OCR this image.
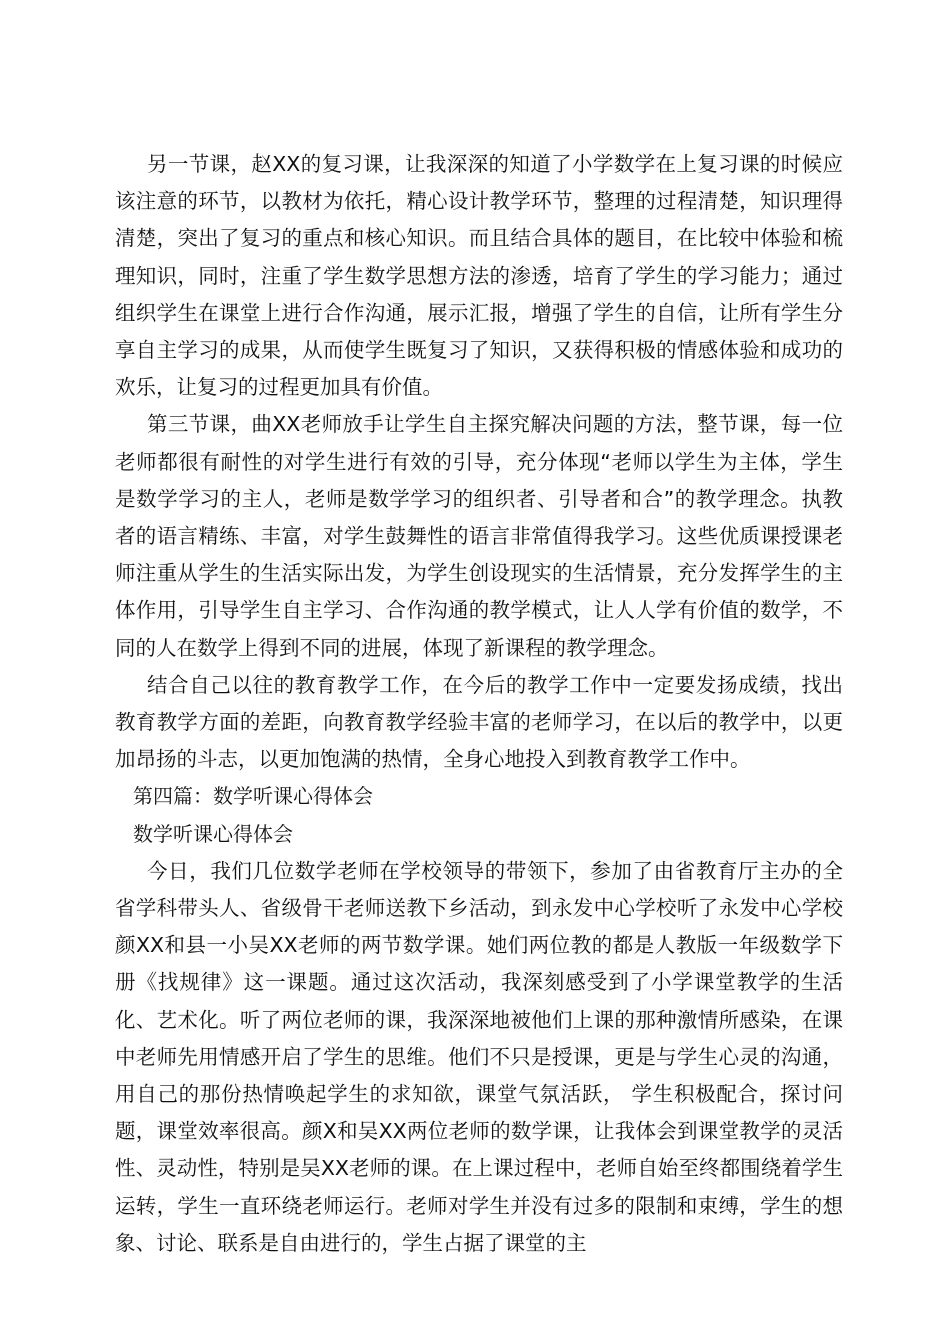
另一节课，赵XX的复习课，让我深深的知道了小学数学在上复习课的时候应该注意的环节，以教材为依托，精心设计教学环节，整理的过程清楚，知识理得清楚，突出了复习的重点和核心知识。而且结合具体的题目，在比较中体验和梳理知识，同时，注重了学生数学思想方法的渗透，培育了学生的学习能力；通过组织学生在课堂上进行合作沟通，展示汇报，增强了学生的自信，让所有学生分享自主学习的成果，从而使学生既复习了知识，又获得积极的情感体验和成功的欢乐，让复习的过程更加具有价值。

第三节课，曲XX老师放手让学生自主探究解决问题的方法，整节课，每一位老师都很有耐性的对学生进行有效的引导，充分体现“老师以学生为主体，学生是数学学习的主人，老师是数学学习的组织者、引导者和合”的教学理念。执教者的语言精练、丰富，对学生鼓舞性的语言非常值得我学习。这些优质课授课老师注重从学生的生活实际出发，为学生创设现实的生活情景，充分发挥学生的主体作用，引导学生自主学习、合作沟通的教学模式，让人人学有价值的数学，不同的人在数学上得到不同的进展，体现了新课程的教学理念。

结合自己以往的教育教学工作，在今后的教学工作中一定要发扬成绩，找出教育教学方面的差距，向教育教学经验丰富的老师学习，在以后的教学中，以更加昂扬的斗志，以更加饱满的热情，全身心地投入到教育教学工作中。

第四篇：数学听课心得体会

数学听课心得体会

今日，我们几位数学老师在学校领导的带领下，参加了由省教育厅主办的全省学科带头人、省级骨干老师送教下乡活动，到永发中心学校听了永发中心学校颜XX和县一小吴XX老师的两节数学课。她们两位教的都是人教版一年级数学下册《找规律》这一课题。通过这次活动，我深刻感受到了小学课堂教学的生活化、艺术化。听了两位老师的课，我深深地被他们上课的那种激情所感染，在课中老师先用情感开启了学生的思维。他们不只是授课，更是与学生心灵的沟通，用自己的那份热情唤起学生的求知欲，课堂气氛活跃， 学生积极配合，探讨问题，课堂效率很高。颜X和吴XX两位老师的数学课，让我体会到课堂教学的灵活性、灵动性，特别是吴XX老师的课。在上课过程中，老师自始至终都围绕着学生运转，学生一直环绕老师运行。老师对学生并没有过多的限制和束缚，学生的想象、讨论、联系是自由进行的，学生占据了课堂的主
